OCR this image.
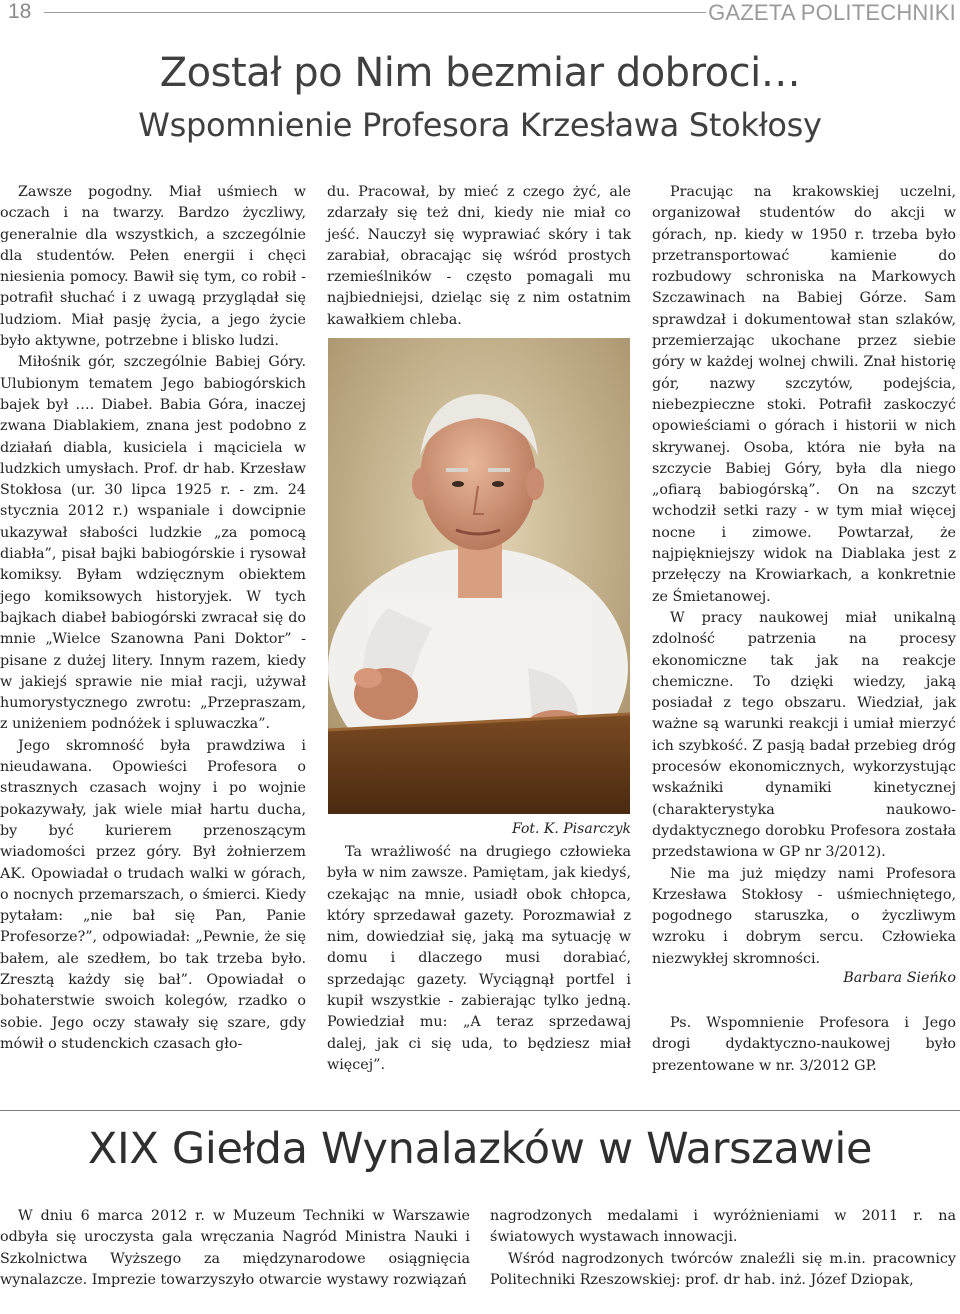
18	GAZETA POLITECHNIKI
Został po Nim bezmiar dobroci…
Wspomnienie Profesora Krzesława Stokłosy

Zawsze pogodny. Miał uśmiech w oczach i na twarzy. Bardzo życzliwy, generalnie dla wszystkich, a szczególnie dla studentów. Pełen energii i chęci niesienia pomocy. Bawił się tym, co robił - potrafił słuchać i z uwagą przyglądał się ludziom. Miał pasję życia, a jego życie było aktywne, potrzebne i blisko ludzi.

Miłośnik gór, szczególnie Babiej Góry. Ulubionym tematem Jego babiogórskich bajek był …. Diabeł. Babia Góra, inaczej zwana Diablakiem, znana jest podobno z działań diabla, kusiciela i mąciciela w ludzkich umysłach. Prof. dr hab. Krzesław Stokłosa (ur. 30 lipca 1925 r. - zm. 24 stycznia 2012 r.) wspaniale i dowcipnie ukazywał słabości ludzkie „za pomocą diabła”, pisał bajki babiogórskie i rysował komiksy. Byłam wdzięcznym obiektem jego komiksowych historyjek. W tych bajkach diabeł babiogórski zwracał się do mnie „Wielce Szanowna Pani Doktor” - pisane z dużej litery. Innym razem, kiedy w jakiejś sprawie nie miał racji, używał humorystycznego zwrotu: „Przepraszam, z uniżeniem podnóżek i spluwaczka”.

Jego skromność była prawdziwa i nieudawana. Opowieści Profesora o strasznych czasach wojny i po wojnie pokazywały, jak wiele miał hartu ducha, by być kurierem przenoszącym wiadomości przez góry. Był żołnierzem AK. Opowiadał o trudach walki w górach, o nocnych przemarszach, o śmierci. Kiedy pytałam: „nie bał się Pan, Panie Profesorze?”, odpowiadał: „Pewnie, że się bałem, ale szedłem, bo tak trzeba było. Zresztą każdy się bał”. Opowiadał o bohaterstwie swoich kolegów, rzadko o sobie. Jego oczy stawały się szare, gdy mówił o studenckich czasach gło-

du. Pracował, by mieć z czego żyć, ale zdarzały się też dni, kiedy nie miał co jeść. Nauczył się wyprawiać skóry i tak zarabiał, obracając się wśród prostych rzemieślników - często pomagali mu najbiedniejsi, dzieląc się z nim ostatnim kawałkiem chleba.

Fot. K. Pisarczyk

Ta wrażliwość na drugiego człowieka była w nim zawsze. Pamiętam, jak kiedyś, czekając na mnie, usiadł obok chłopca, który sprzedawał gazety. Porozmawiał z nim, dowiedział się, jaką ma sytuację w domu i dlaczego musi dorabiać, sprzedając gazety. Wyciągnął portfel i kupił wszystkie - zabierając tylko jedną. Powiedział mu: „A teraz sprzedawaj dalej, jak ci się uda, to będziesz miał więcej”.

Pracując na krakowskiej uczelni, organizował studentów do akcji w górach, np. kiedy w 1950 r. trzeba było przetransportować kamienie do rozbudowy schroniska na Markowych Szczawinach na Babiej Górze. Sam sprawdzał i dokumentował stan szlaków, przemierzając ukochane przez siebie góry w każdej wolnej chwili. Znał historię gór, nazwy szczytów, podejścia, niebezpieczne stoki. Potrafił zaskoczyć opowieściami o górach i historii w nich skrywanej. Osoba, która nie była na szczycie Babiej Góry, była dla niego „ofiarą babiogórską”. On na szczyt wchodził setki razy - w tym miał więcej nocne i zimowe. Powtarzał, że najpiękniejszy widok na Diablaka jest z przełęczy na Krowiarkach, a konkretnie ze Śmietanowej.

W pracy naukowej miał unikalną zdolność patrzenia na procesy ekonomiczne tak jak na reakcje chemiczne. To dzięki wiedzy, jaką posiadał z tego obszaru. Wiedział, jak ważne są warunki reakcji i umiał mierzyć ich szybkość. Z pasją badał przebieg dróg procesów ekonomicznych, wykorzystując wskaźniki dynamiki kinetycznej (charakterystyka naukowo-dydaktycznego dorobku Profesora została przedstawiona w GP nr 3/2012).

Nie ma już między nami Profesora Krzesława Stokłosy - uśmiechniętego, pogodnego staruszka, o życzliwym wzroku i dobrym sercu. Człowieka niezwykłej skromności.

Barbara Sieńko

Ps. Wspomnienie Profesora i Jego drogi dydaktyczno-naukowej było prezentowane w nr. 3/2012 GP.

XIX Giełda Wynalazków w Warszawie

W dniu 6 marca 2012 r. w Muzeum Techniki w Warszawie odbyła się uroczysta gala wręczania Nagród Ministra Nauki i Szkolnictwa Wyższego za międzynarodowe osiągnięcia wynalazcze. Imprezie towarzyszyło otwarcie wystawy rozwiązań

nagrodzonych medalami i wyróżnieniami w 2011 r. na światowych wystawach innowacji.

Wśród nagrodzonych twórców znaleźli się m.in. pracownicy Politechniki Rzeszowskiej: prof. dr hab. inż. Józef Dziopak,
